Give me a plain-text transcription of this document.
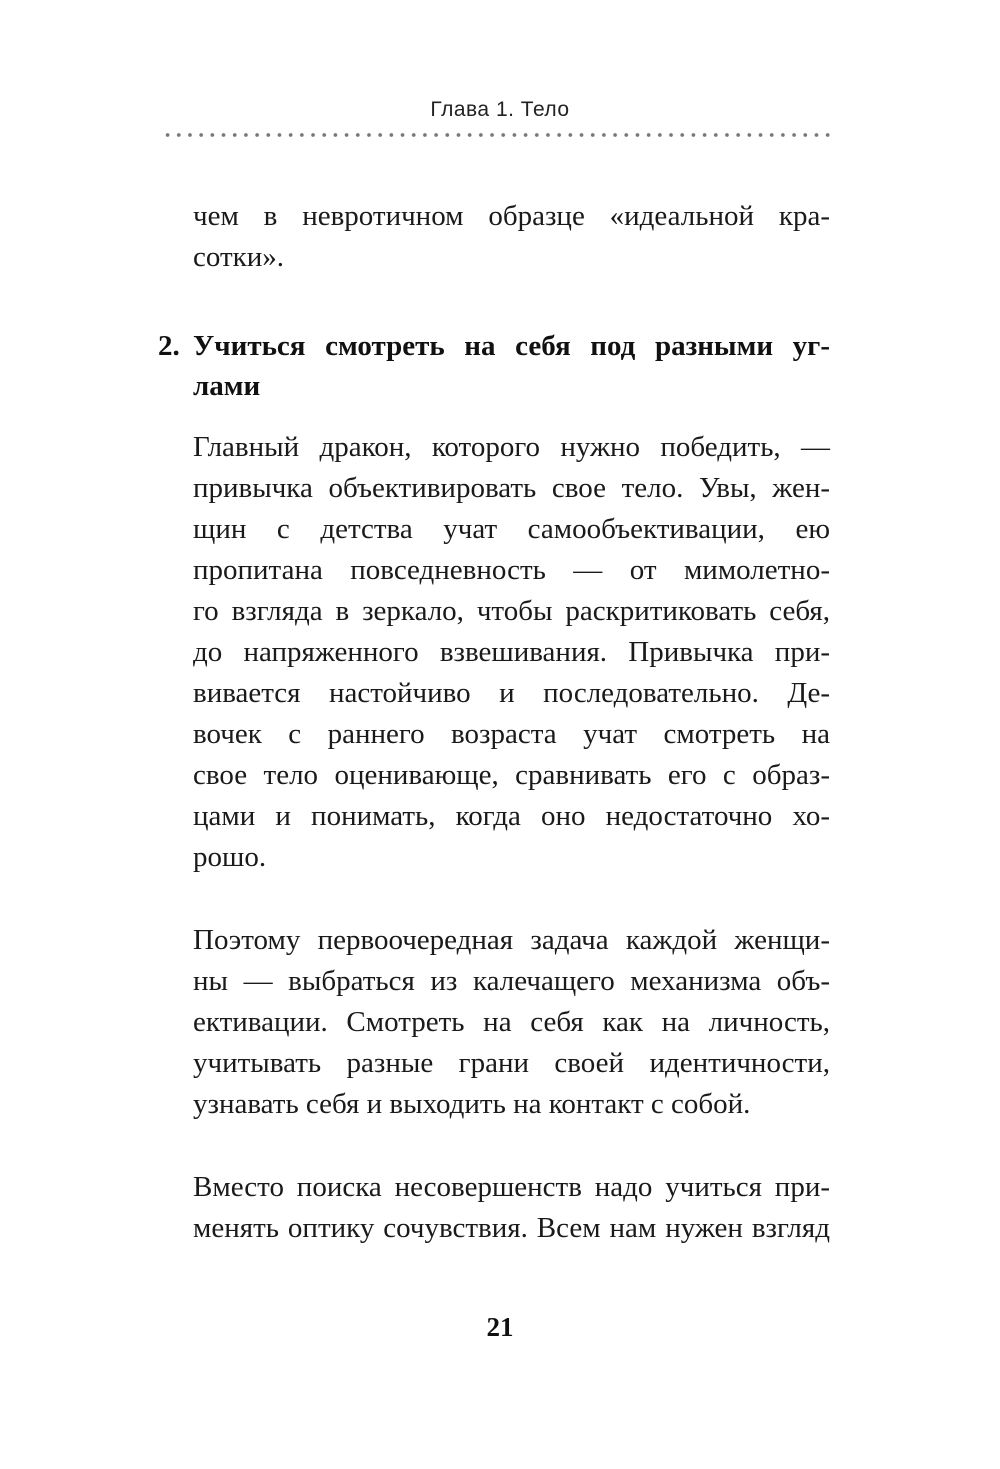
Глава 1. Тело
чем в невротичном образце «идеальной кра-
сотки».
2. Учиться смотреть на себя под разными уг-
лами
Главный дракон, которого нужно победить, —
привычка объективировать свое тело. Увы, жен-
щин с детства учат самообъективации, ею
пропитана повседневность — от мимолетно-
го взгляда в зеркало, чтобы раскритиковать себя,
до напряженного взвешивания. Привычка при-
вивается настойчиво и последовательно. Де-
вочек с раннего возраста учат смотреть на
свое тело оценивающе, сравнивать его с образ-
цами и понимать, когда оно недостаточно хо-
рошо.
Поэтому первоочередная задача каждой женщи-
ны — выбраться из калечащего механизма объ-
ективации. Смотреть на себя как на личность,
учитывать разные грани своей идентичности,
узнавать себя и выходить на контакт с собой.
Вместо поиска несовершенств надо учиться при-
менять оптику сочувствия. Всем нам нужен взгляд
21
